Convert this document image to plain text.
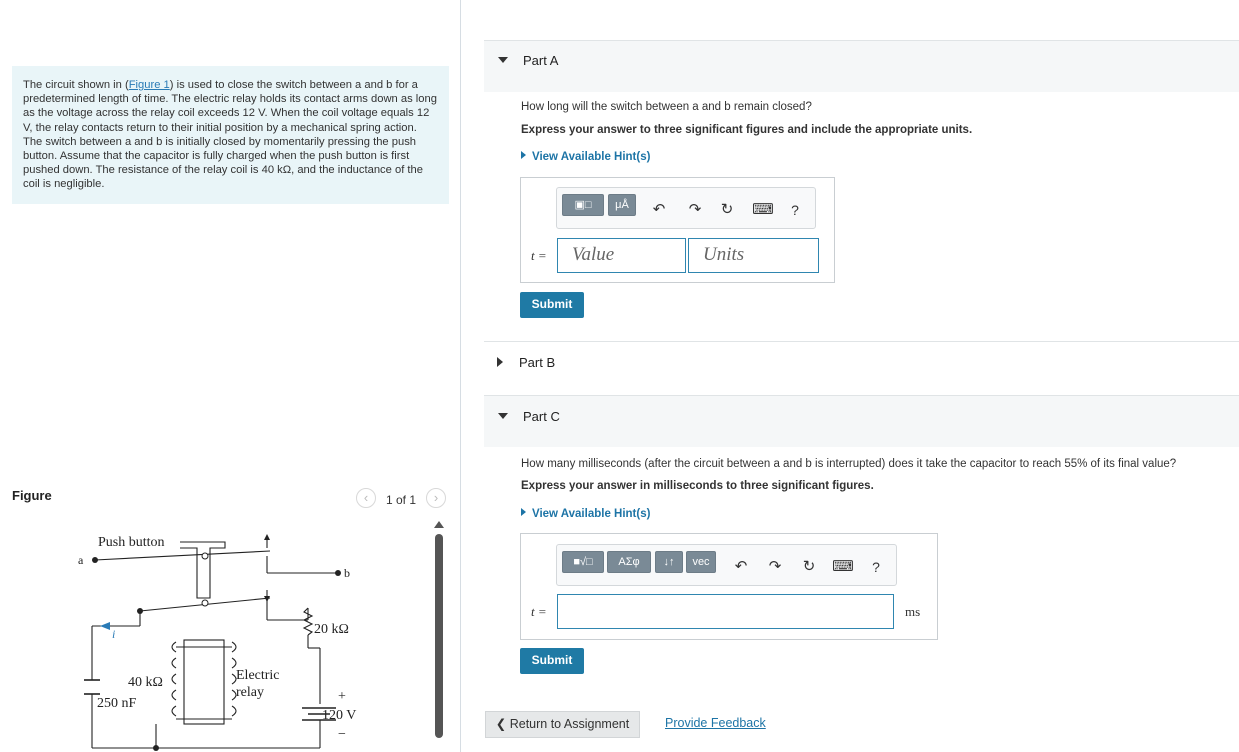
The circuit shown in (Figure 1) is used to close the switch between a and b for a predetermined length of time. The electric relay holds its contact arms down as long as the voltage across the relay coil exceeds 12 V. When the coil voltage equals 12 V, the relay contacts return to their initial position by a mechanical spring action. The switch between a and b is initially closed by momentarily pressing the push button. Assume that the capacitor is fully charged when the push button is first pushed down. The resistance of the relay coil is 40 kΩ, and the inductance of the coil is negligible.
Figure	‹	1 of 1	›
Push button
a
b
20 kΩ
40 kΩ	Electric
relay
250 nF
120 V
i
+
−
Part A
How long will the switch between a and b remain closed?
Express your answer to three significant figures and include the appropriate units.
View Available Hint(s)
▣□	μÅ	↶ ↷ ↻ ⌨	?
t =	Value	Units
Submit
Part B
Part C
How many milliseconds (after the circuit between a and b is interrupted) does it take the capacitor to reach 55% of its final value?
Express your answer in milliseconds to three significant figures.
View Available Hint(s)
■√□	ΑΣφ	↓↑	vec	↶ ↷ ↻ ⌨	?
t =	ms
Submit
❮ Return to Assignment	Provide Feedback
